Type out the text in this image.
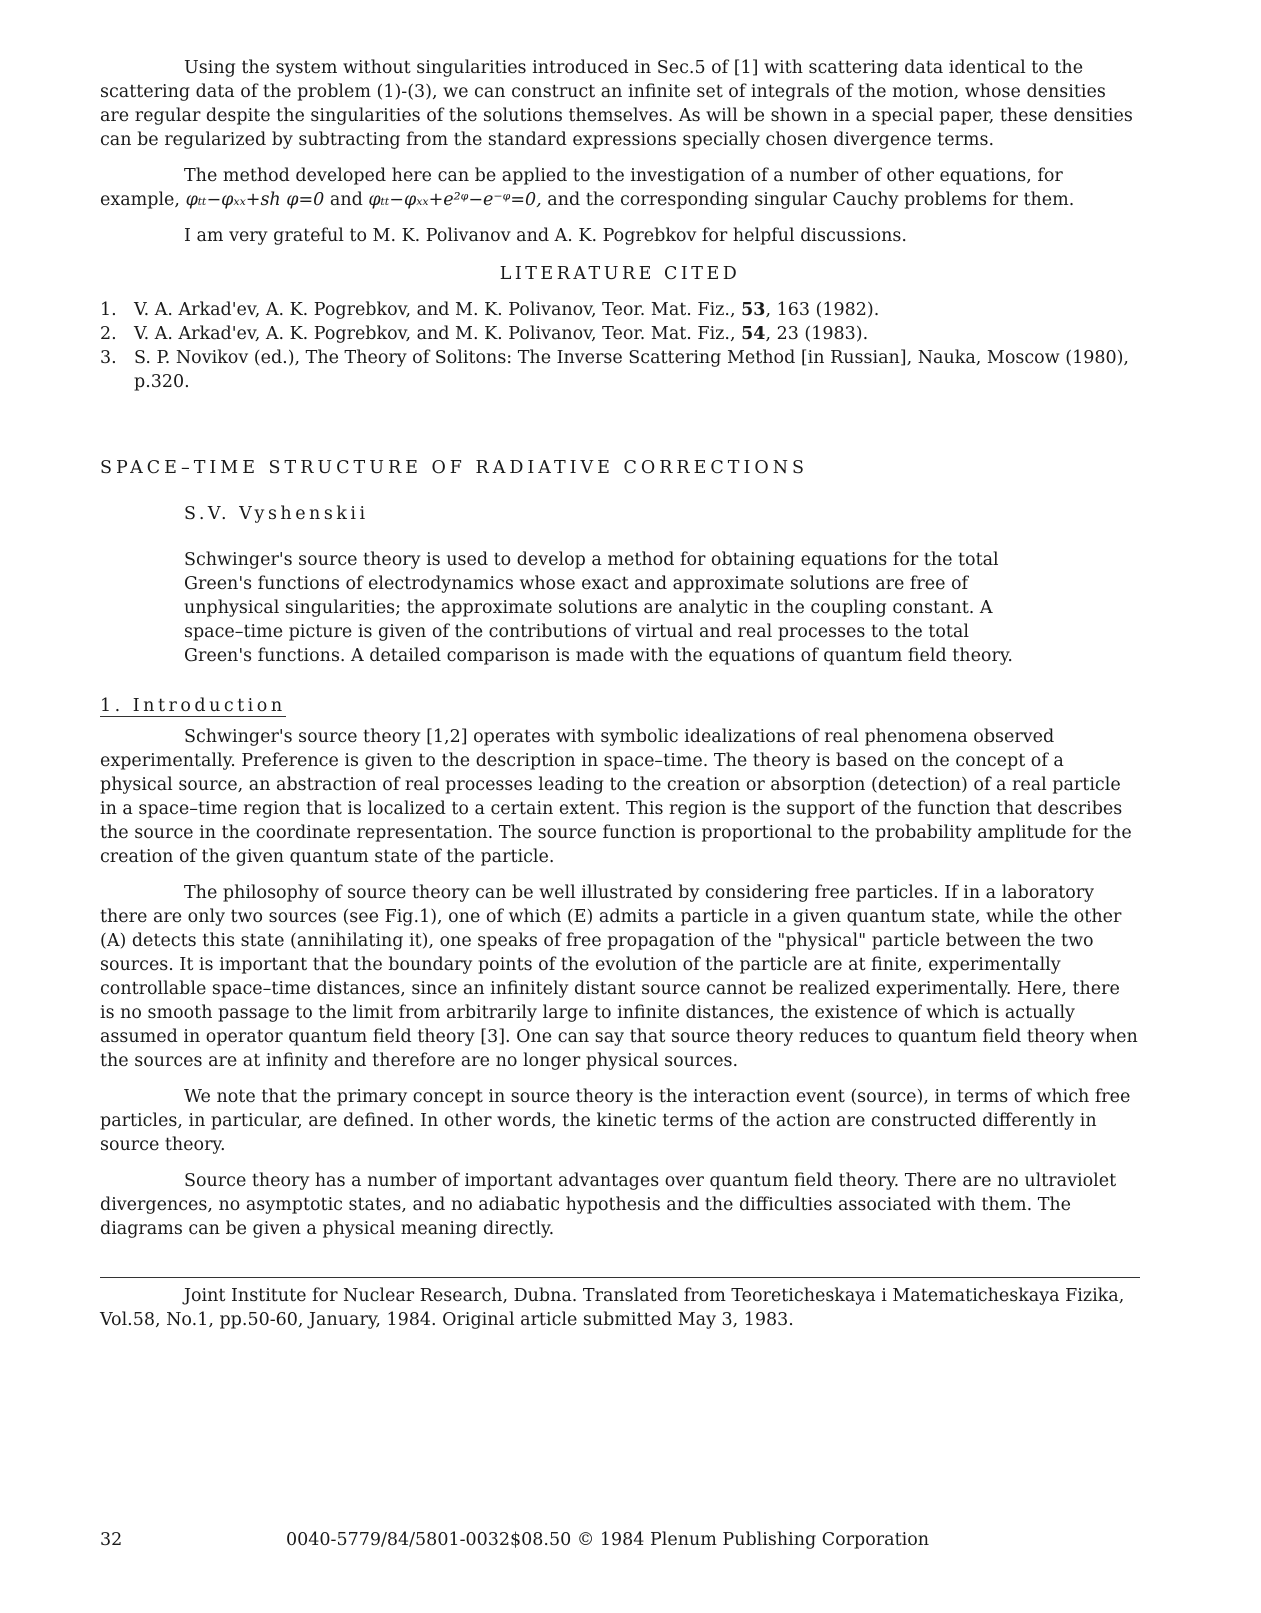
Using the system without singularities introduced in Sec.5 of [1] with scattering data identical to the scattering data of the problem (1)-(3), we can construct an infinite set of integrals of the motion, whose densities are regular despite the singularities of the solutions themselves. As will be shown in a special paper, these densities can be regularized by subtracting from the standard expressions specially chosen divergence terms.

The method developed here can be applied to the investigation of a number of other equations, for example, φₜₜ−φₓₓ+sh φ=0 and φₜₜ−φₓₓ+e²ᵠ−e⁻ᵠ=0, and the corresponding singular Cauchy problems for them.

I am very grateful to M. K. Polivanov and A. K. Pogrebkov for helpful discussions.

LITERATURE CITED
1. V. A. Arkad'ev, A. K. Pogrebkov, and M. K. Polivanov, Teor. Mat. Fiz., 53, 163 (1982).
2. V. A. Arkad'ev, A. K. Pogrebkov, and M. K. Polivanov, Teor. Mat. Fiz., 54, 23 (1983).
3. S. P. Novikov (ed.), The Theory of Solitons: The Inverse Scattering Method [in Russian], Nauka, Moscow (1980), p.320.
SPACE–TIME STRUCTURE OF RADIATIVE CORRECTIONS
S.V. Vyshenskii

Schwinger's source theory is used to develop a method for obtaining equations for the total Green's functions of electrodynamics whose exact and approximate solutions are free of unphysical singularities; the approximate solutions are analytic in the coupling constant. A space–time picture is given of the contributions of virtual and real processes to the total Green's functions. A detailed comparison is made with the equations of quantum field theory.

1. Introduction

Schwinger's source theory [1,2] operates with symbolic idealizations of real phenomena observed experimentally. Preference is given to the description in space–time. The theory is based on the concept of a physical source, an abstraction of real processes leading to the creation or absorption (detection) of a real particle in a space–time region that is localized to a certain extent. This region is the support of the function that describes the source in the coordinate representation. The source function is proportional to the probability amplitude for the creation of the given quantum state of the particle.

The philosophy of source theory can be well illustrated by considering free particles. If in a laboratory there are only two sources (see Fig.1), one of which (E) admits a particle in a given quantum state, while the other (A) detects this state (annihilating it), one speaks of free propagation of the "physical" particle between the two sources. It is important that the boundary points of the evolution of the particle are at finite, experimentally controllable space–time distances, since an infinitely distant source cannot be realized experimentally. Here, there is no smooth passage to the limit from arbitrarily large to infinite distances, the existence of which is actually assumed in operator quantum field theory [3]. One can say that source theory reduces to quantum field theory when the sources are at infinity and therefore are no longer physical sources.

We note that the primary concept in source theory is the interaction event (source), in terms of which free particles, in particular, are defined. In other words, the kinetic terms of the action are constructed differently in source theory.

Source theory has a number of important advantages over quantum field theory. There are no ultraviolet divergences, no asymptotic states, and no adiabatic hypothesis and the difficulties associated with them. The diagrams can be given a physical meaning directly.

Joint Institute for Nuclear Research, Dubna. Translated from Teoreticheskaya i Matematicheskaya Fizika, Vol.58, No.1, pp.50-60, January, 1984. Original article submitted May 3, 1983.

32	0040-5779/84/5801-0032$08.50 © 1984 Plenum Publishing Corporation
